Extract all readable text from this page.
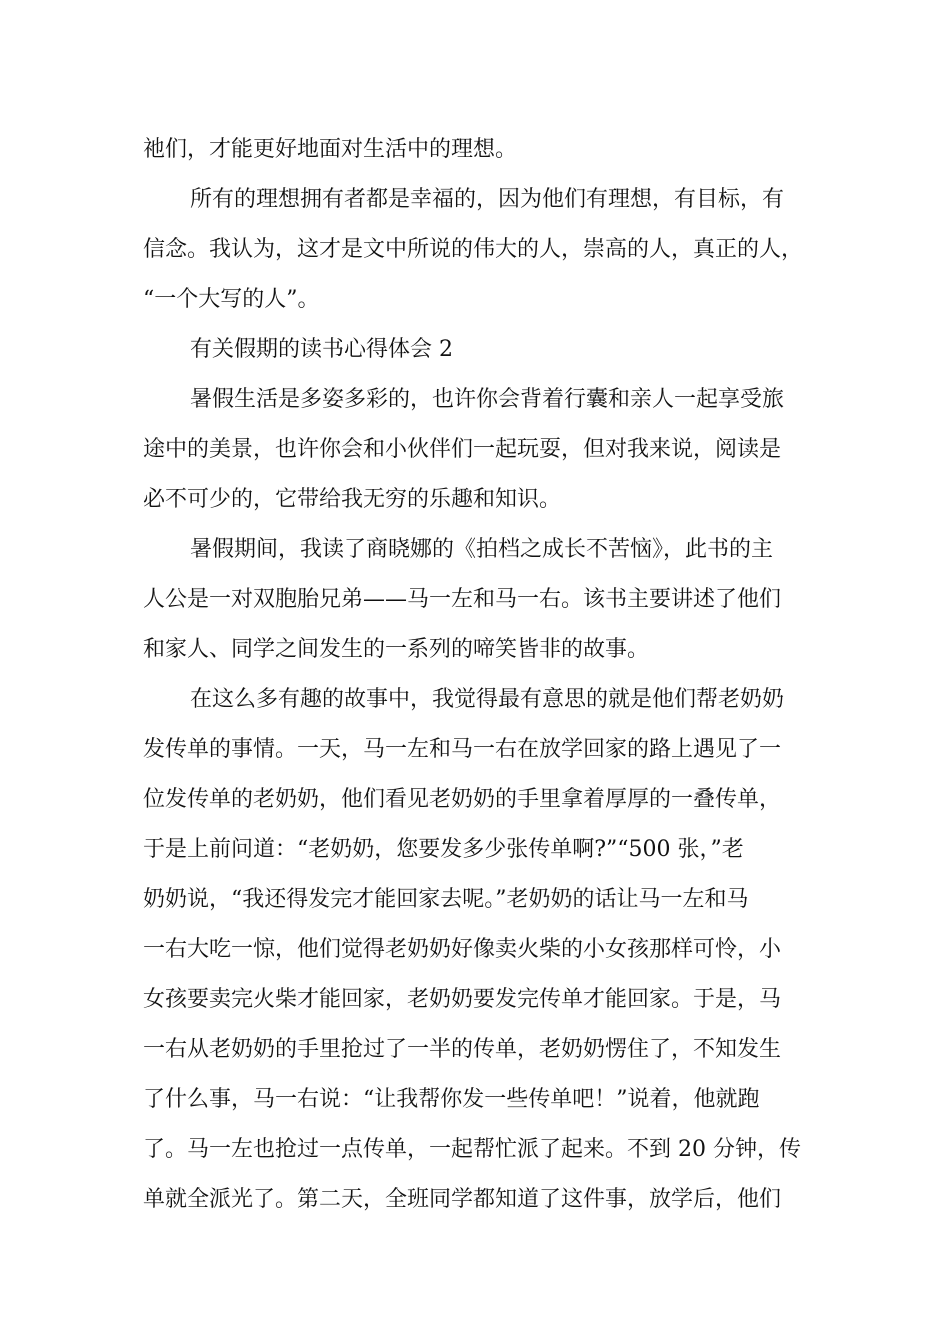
祂们，才能更好地面对生活中的理想。
所有的理想拥有者都是幸福的，因为他们有理想，有目标，有
信念。我认为，这才是文中所说的伟大的人，崇高的人，真正的人，
“一个大写的人”。
有关假期的读书心得体会 2
暑假生活是多姿多彩的，也许你会背着行囊和亲人一起享受旅
途中的美景，也许你会和小伙伴们一起玩耍，但对我来说，阅读是
必不可少的，它带给我无穷的乐趣和知识。
暑假期间，我读了商晓娜的《拍档之成长不苦恼》，此书的主
人公是一对双胞胎兄弟——马一左和马一右。该书主要讲述了他们
和家人、同学之间发生的一系列的啼笑皆非的故事。
在这么多有趣的故事中，我觉得最有意思的就是他们帮老奶奶
发传单的事情。一天，马一左和马一右在放学回家的路上遇见了一
位发传单的老奶奶，他们看见老奶奶的手里拿着厚厚的一叠传单，
于是上前问道：“老奶奶，您要发多少张传单啊?”“500 张，”老
奶奶说，“我还得发完才能回家去呢。”老奶奶的话让马一左和马
一右大吃一惊，他们觉得老奶奶好像卖火柴的小女孩那样可怜，小
女孩要卖完火柴才能回家，老奶奶要发完传单才能回家。于是，马
一右从老奶奶的手里抢过了一半的传单，老奶奶愣住了，不知发生
了什么事，马一右说：“让我帮你发一些传单吧！”说着，他就跑
了。马一左也抢过一点传单，一起帮忙派了起来。不到 20 分钟，传
单就全派光了。第二天，全班同学都知道了这件事，放学后，他们
